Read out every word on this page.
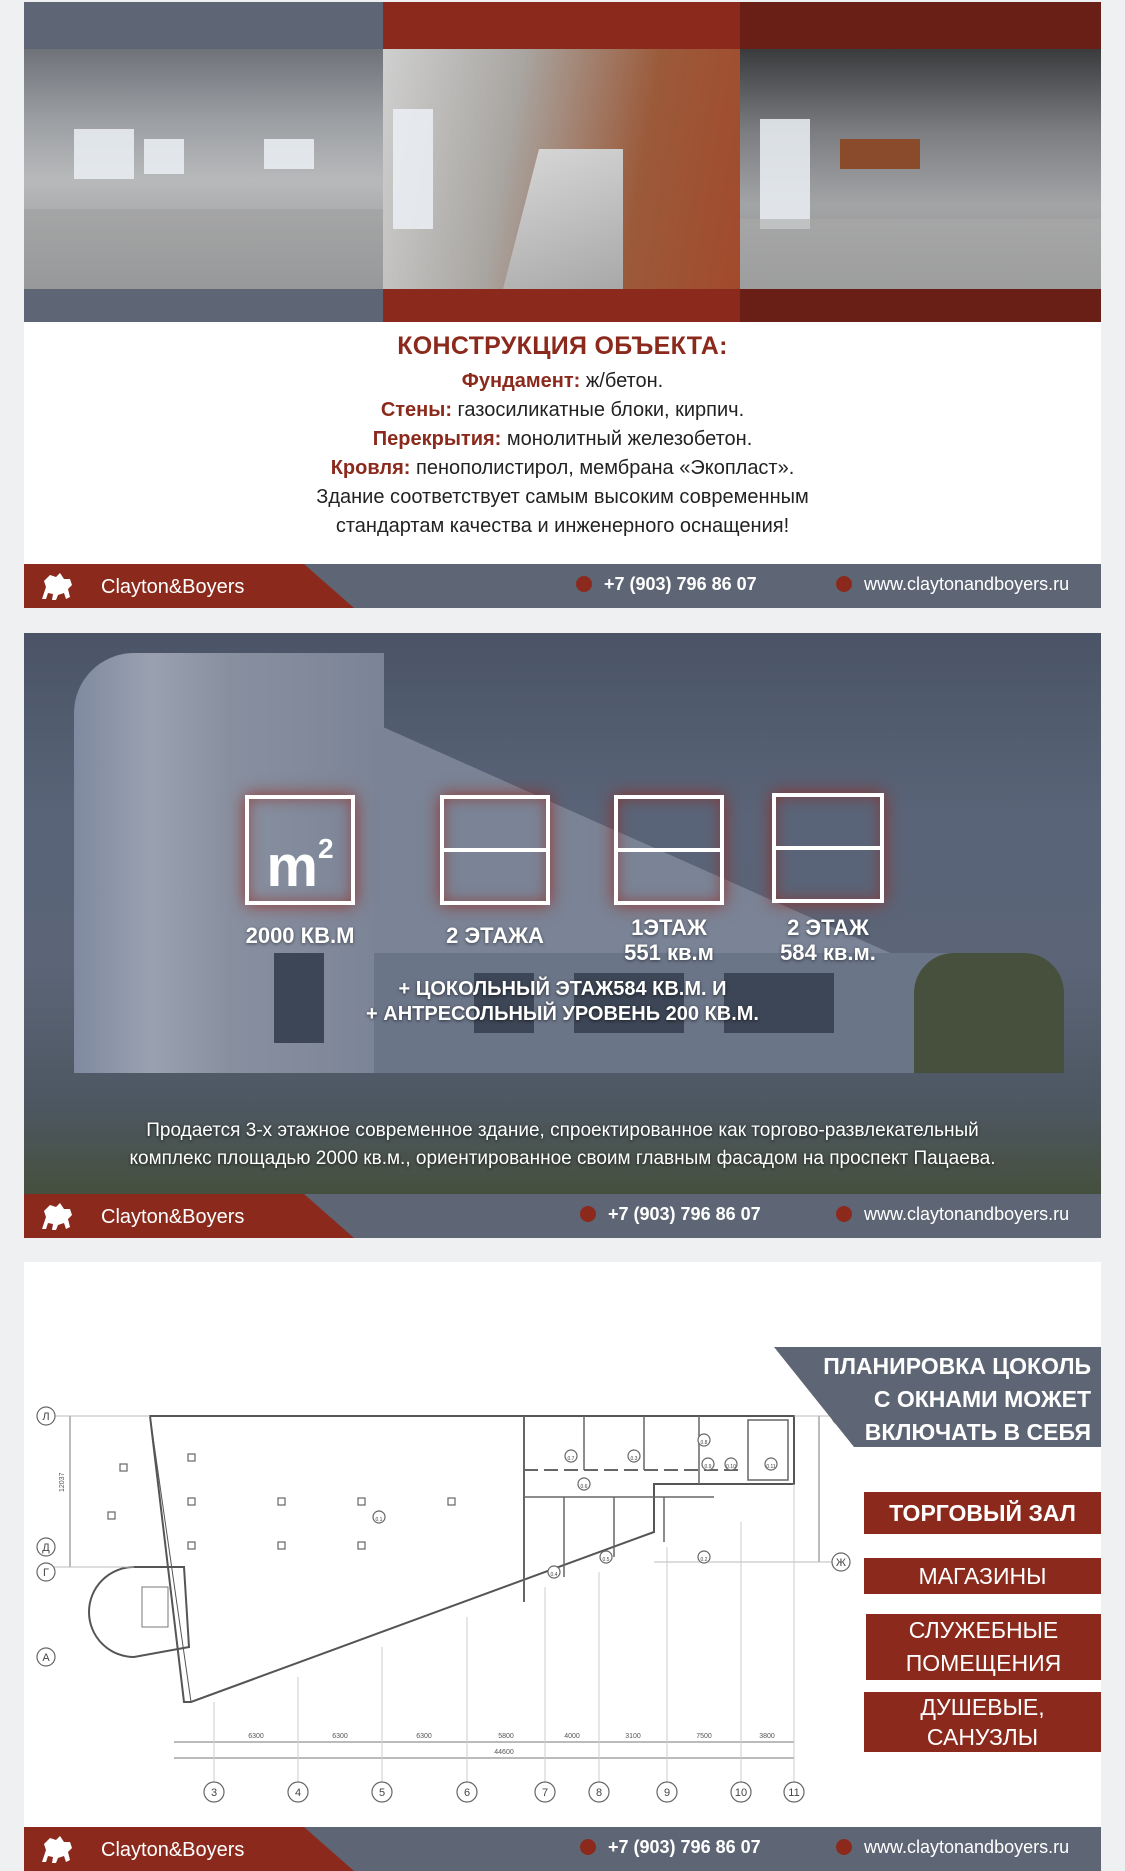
КОНСТРУКЦИЯ ОБЪЕКТА:
Фундамент: ж/бетон.
Стены: газосиликатные блоки, кирпич.
Перекрытия: монолитный железобетон.
Кровля: пенополистирол, мембрана «Экопласт».
Здание соответствует самым высоким современным
стандартам качества и инженерного оснащения!
Clayton&Boyers	+7 (903) 796 86 07	www.claytonandboyers.ru
$m^2$
2000 КВ.М	2 ЭТАЖА	1ЭТАЖ
551 кв.м
2 ЭТАЖ
584 кв.м.
+ ЦОКОЛЬНЫЙ ЭТАЖ584 КВ.М. И
+ АНТРЕСОЛЬНЫЙ УРОВЕНЬ 200 КВ.М.
Продается 3-х этажное современное здание, спроектированное как торгово-развлекательный
комплекс площадью 2000 кв.м., ориентированное своим главным фасадом на проспект Пацаева.
Clayton&Boyers	+7 (903) 796 86 07	www.claytonandboyers.ru
3	4	5	6	7	8	9	10	11
Л
Д
Г
А
Ж
6300	6300	6300	5800	4000	3100	7500	3800
44600
12037
0.1
0.2
0.3
0.4
0.5
0.6
0.7
0.8
0.9	0.10	0.11
ПЛАНИРОВКА ЦОКОЛЬ
С ОКНАМИ МОЖЕТ
ВКЛЮЧАТЬ В СЕБЯ
ТОРГОВЫЙ ЗАЛ
МАГАЗИНЫ
СЛУЖЕБНЫЕ
ПОМЕЩЕНИЯ
ДУШЕВЫЕ,
САНУЗЛЫ
Clayton&Boyers	+7 (903) 796 86 07	www.claytonandboyers.ru
